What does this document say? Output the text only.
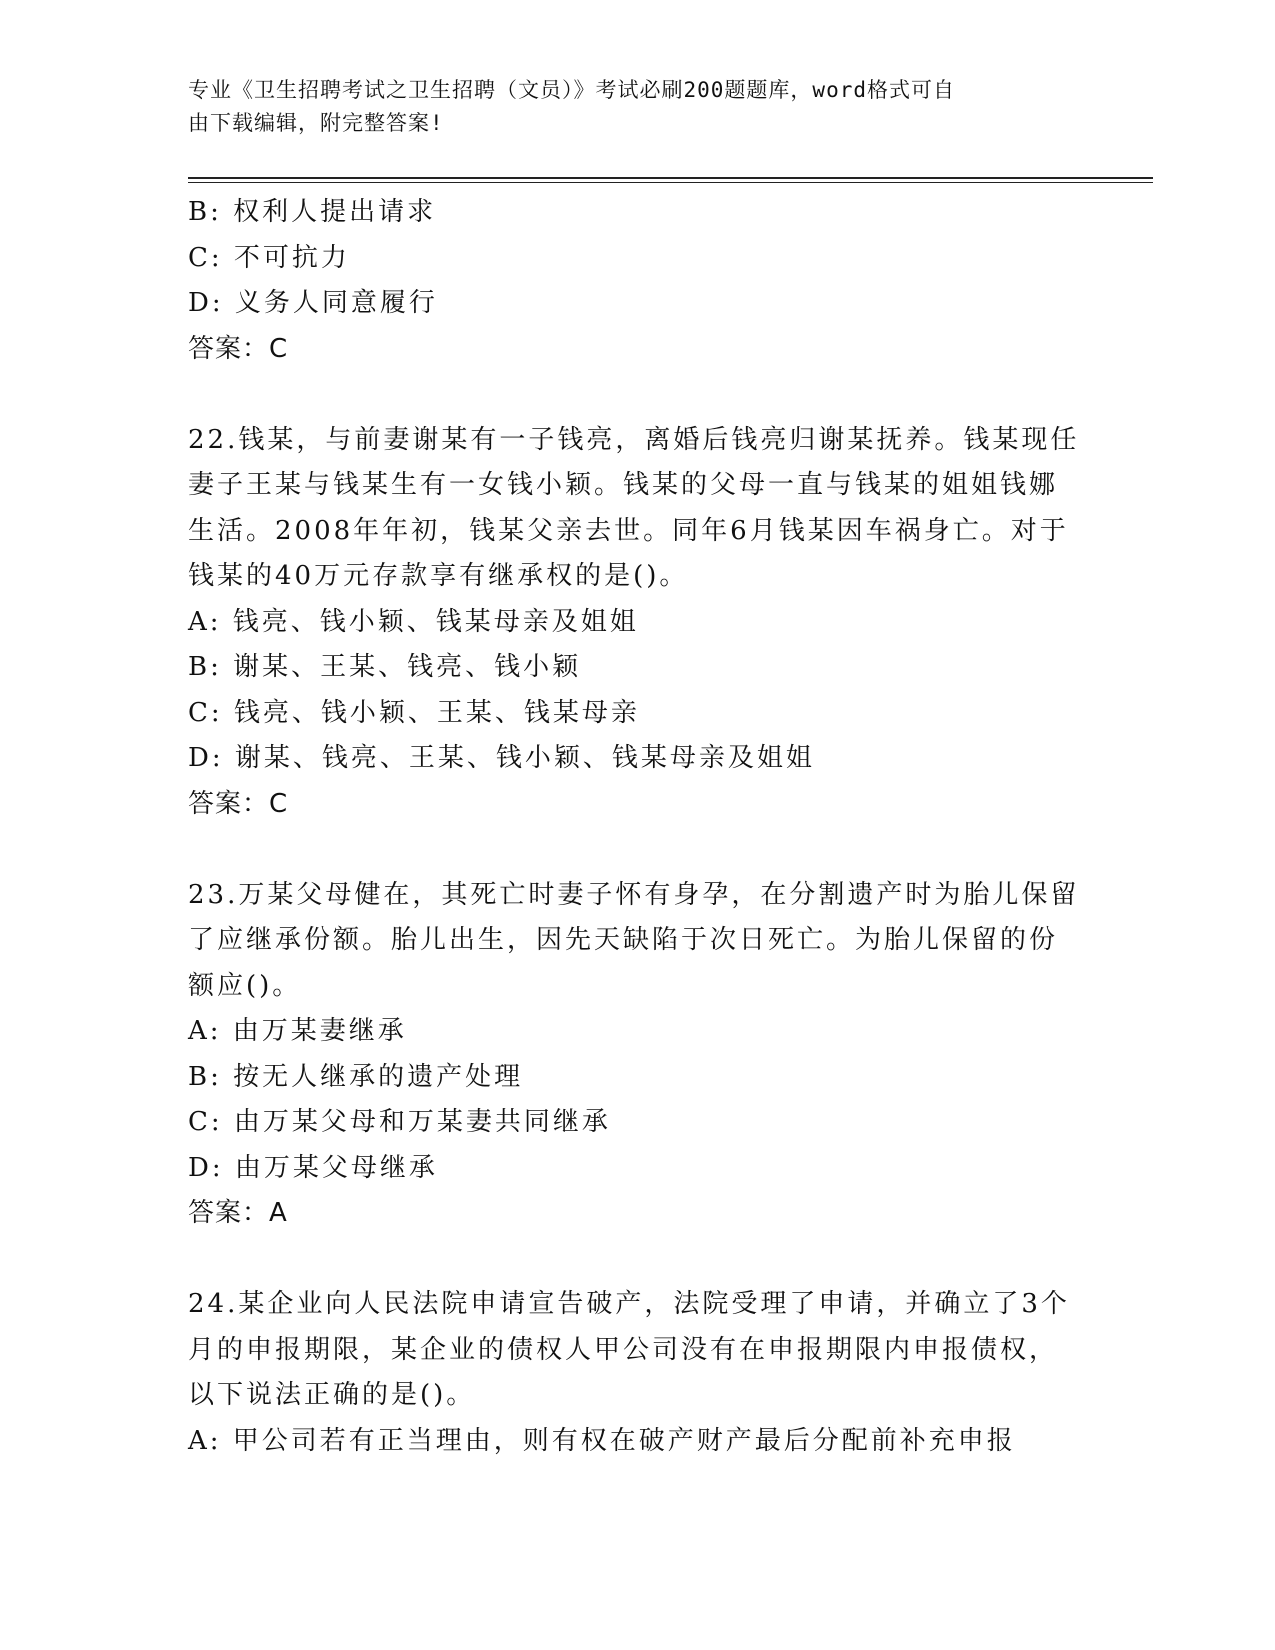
专业《卫生招聘考试之卫生招聘（文员）》考试必刷200题题库，word格式可自
由下载编辑，附完整答案!
B: 权利人提出请求
C: 不可抗力
D: 义务人同意履行
答案：C
22.钱某，与前妻谢某有一子钱亮，离婚后钱亮归谢某抚养。钱某现任
妻子王某与钱某生有一女钱小颖。钱某的父母一直与钱某的姐姐钱娜
生活。2008年年初，钱某父亲去世。同年6月钱某因车祸身亡。对于
钱某的40万元存款享有继承权的是()。
A: 钱亮、钱小颖、钱某母亲及姐姐
B: 谢某、王某、钱亮、钱小颖
C: 钱亮、钱小颖、王某、钱某母亲
D: 谢某、钱亮、王某、钱小颖、钱某母亲及姐姐
答案：C
23.万某父母健在，其死亡时妻子怀有身孕，在分割遗产时为胎儿保留
了应继承份额。胎儿出生，因先天缺陷于次日死亡。为胎儿保留的份
额应()。
A: 由万某妻继承
B: 按无人继承的遗产处理
C: 由万某父母和万某妻共同继承
D: 由万某父母继承
答案：A
24.某企业向人民法院申请宣告破产，法院受理了申请，并确立了3个
月的申报期限，某企业的债权人甲公司没有在申报期限内申报债权，
以下说法正确的是()。
A: 甲公司若有正当理由，则有权在破产财产最后分配前补充申报
